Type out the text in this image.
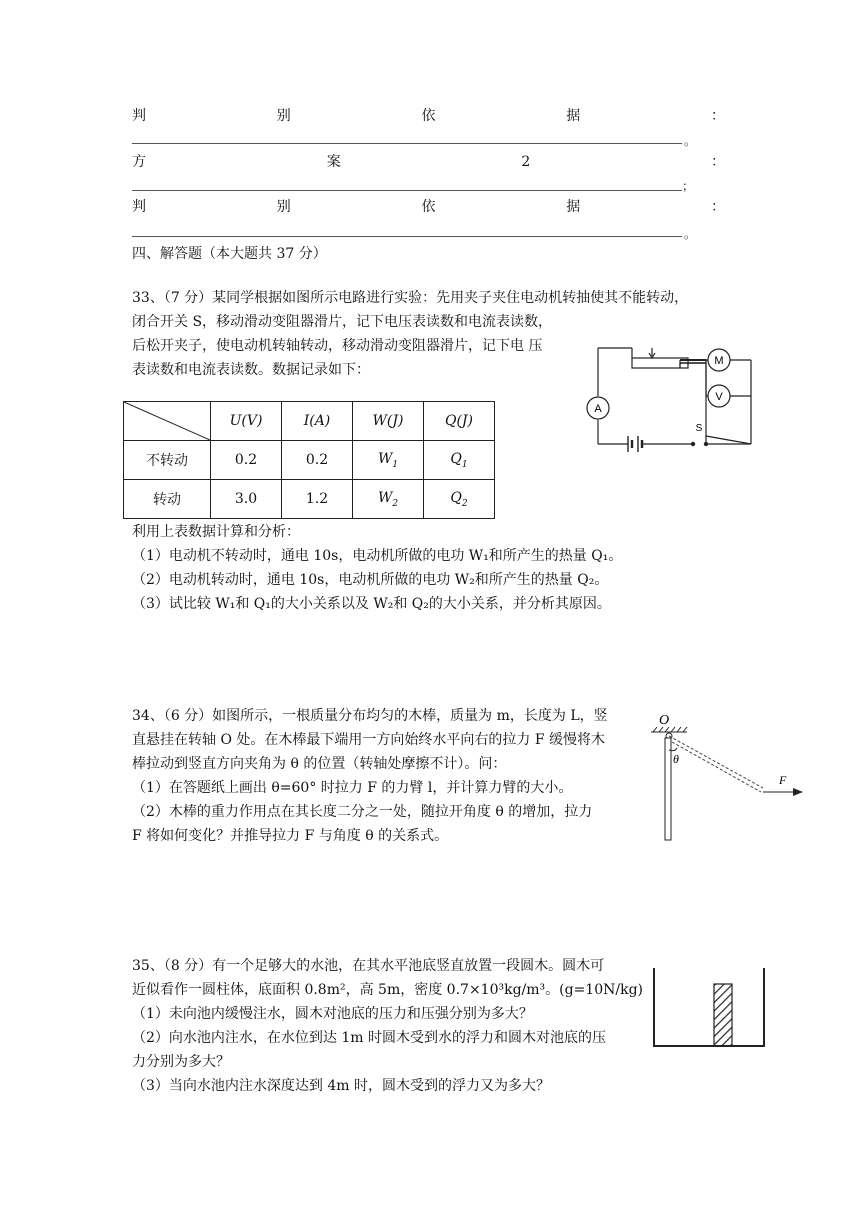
判	别	依	据	：
。
方	案	2	：
；
判	别	依	据	：
。
四、解答题（本大题共 37 分）
33、（7 分）某同学根据如图所示电路进行实验：先用夹子夹住电动机转抽使其不能转动，
闭合开关 S，移动滑动变阻器滑片，记下电压表读数和电流表读数，
后松开夹子，使电动机转轴转动，移动滑动变阻器滑片，记下电 压
表读数和电流表读数。数据记录如下：
A
M
V
S
	U(V)	I(A)	W(J)	Q(J)
不转动	0.2	0.2	$W_1$	$Q_1$
转动	3.0	1.2	$W_2$	$Q_2$
利用上表数据计算和分析：
（1）电动机不转动时，通电 10s，电动机所做的电功 W₁和所产生的热量 Q₁。
（2）电动机转动时，通电 10s，电动机所做的电功 W₂和所产生的热量 Q₂。
（3）试比较 W₁和 Q₁的大小关系以及 W₂和 Q₂的大小关系，并分析其原因。
34、（6 分）如图所示，一根质量分布均匀的木棒，质量为 m，长度为 L，竖
直悬挂在转轴 O 处。在木棒最下端用一方向始终水平向右的拉力 F 缓慢将木
棒拉动到竖直方向夹角为 θ 的位置（转轴处摩擦不计）。问：
（1）在答题纸上画出 θ=60° 时拉力 F 的力臂 l，并计算力臂的大小。
（2）木棒的重力作用点在其长度二分之一处，随拉开角度 θ 的增加，拉力
F 将如何变化？并推导拉力 F 与角度 θ 的关系式。
O
θ
F
35、（8 分）有一个足够大的水池，在其水平池底竖直放置一段圆木。圆木可
近似看作一圆柱体，底面积 0.8m²，高 5m，密度 0.7×10³kg/m³。(g=10N/kg)
（1）未向池内缓慢注水，圆木对池底的压力和压强分别为多大？
（2）向水池内注水，在水位到达 1m 时圆木受到水的浮力和圆木对池底的压
力分别为多大？
（3）当向水池内注水深度达到 4m 时，圆木受到的浮力又为多大？
